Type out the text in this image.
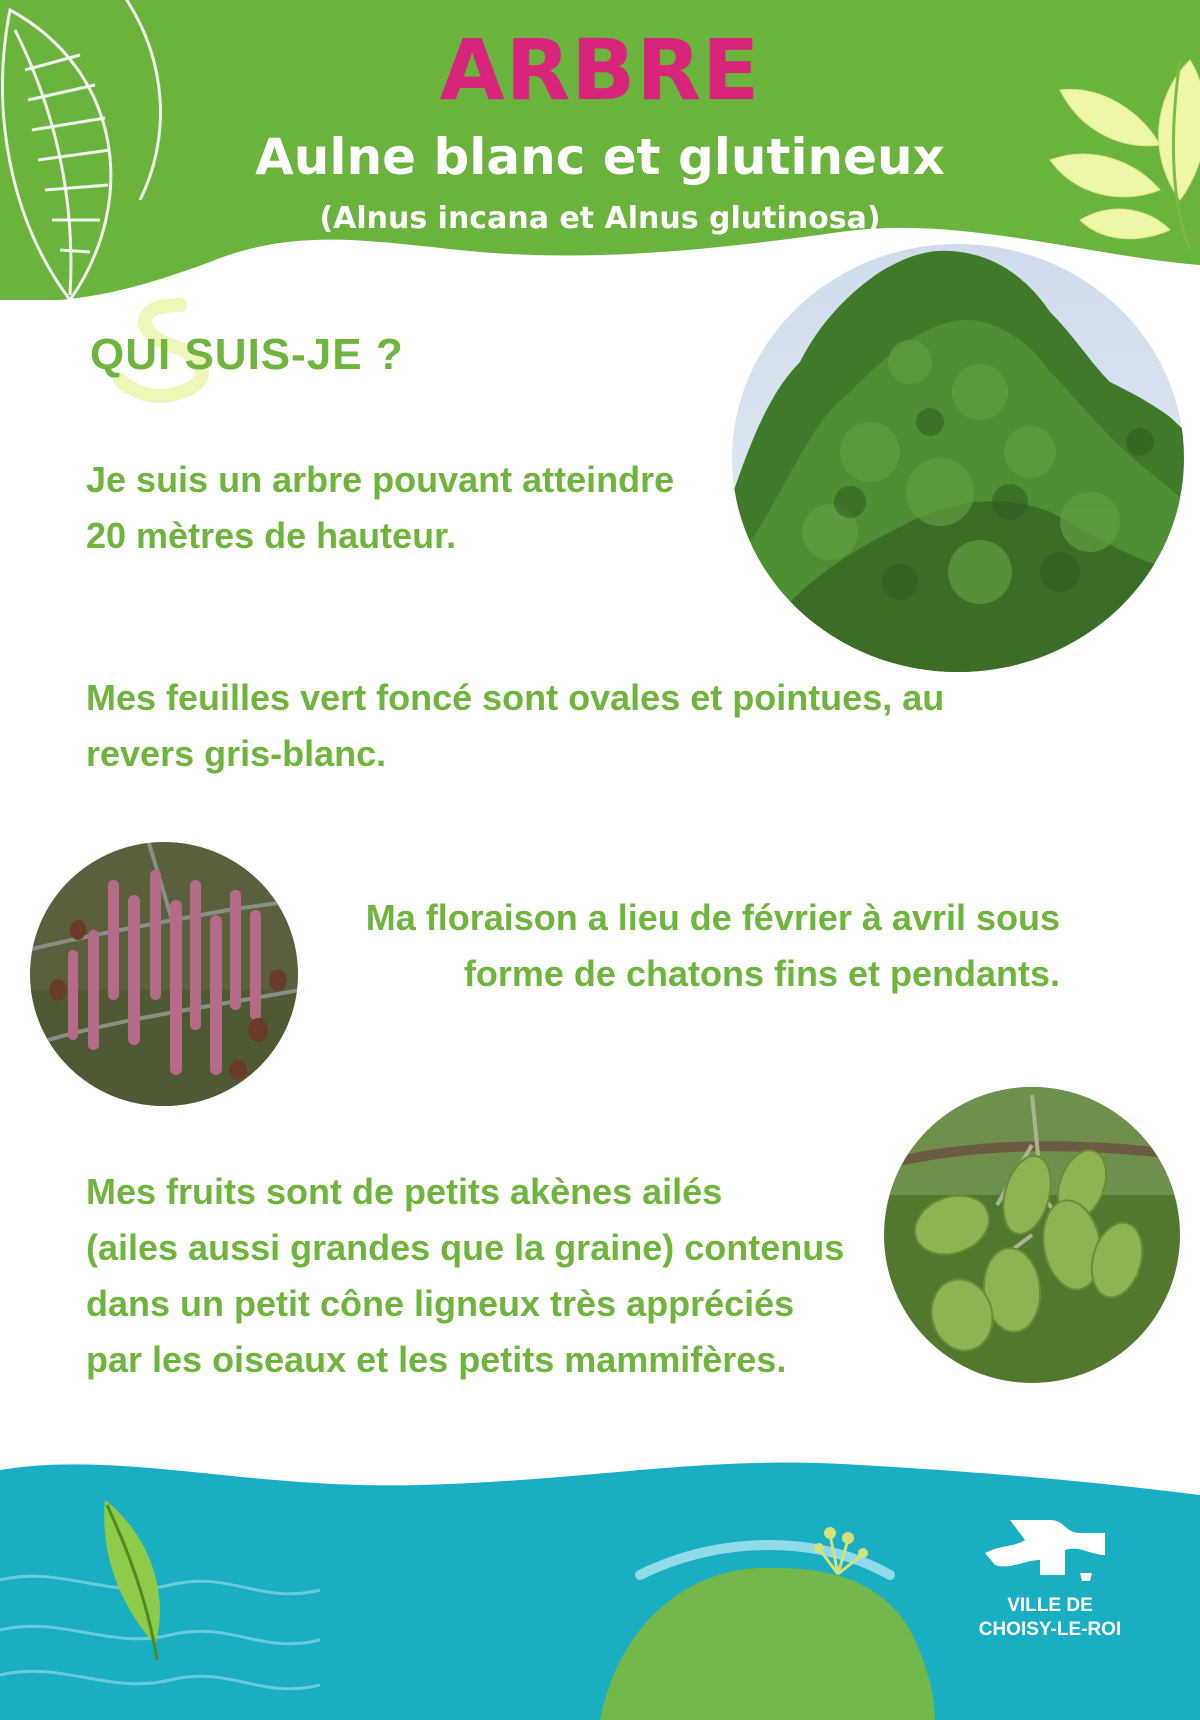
ARBRE
Aulne blanc et glutineux
(Alnus incana et Alnus glutinosa)
QUI SUIS-JE ?
Je suis un arbre pouvant atteindre
20 mètres de hauteur.
Mes feuilles vert foncé sont ovales et pointues, au
revers gris-blanc.
Ma floraison a lieu de février à avril sous
forme de chatons fins et pendants.
Mes fruits sont de petits akènes ailés
(ailes aussi grandes que la graine) contenus
dans un petit cône ligneux très appréciés
par les oiseaux et les petits mammifères.
VILLE DE
CHOISY-LE-ROI
